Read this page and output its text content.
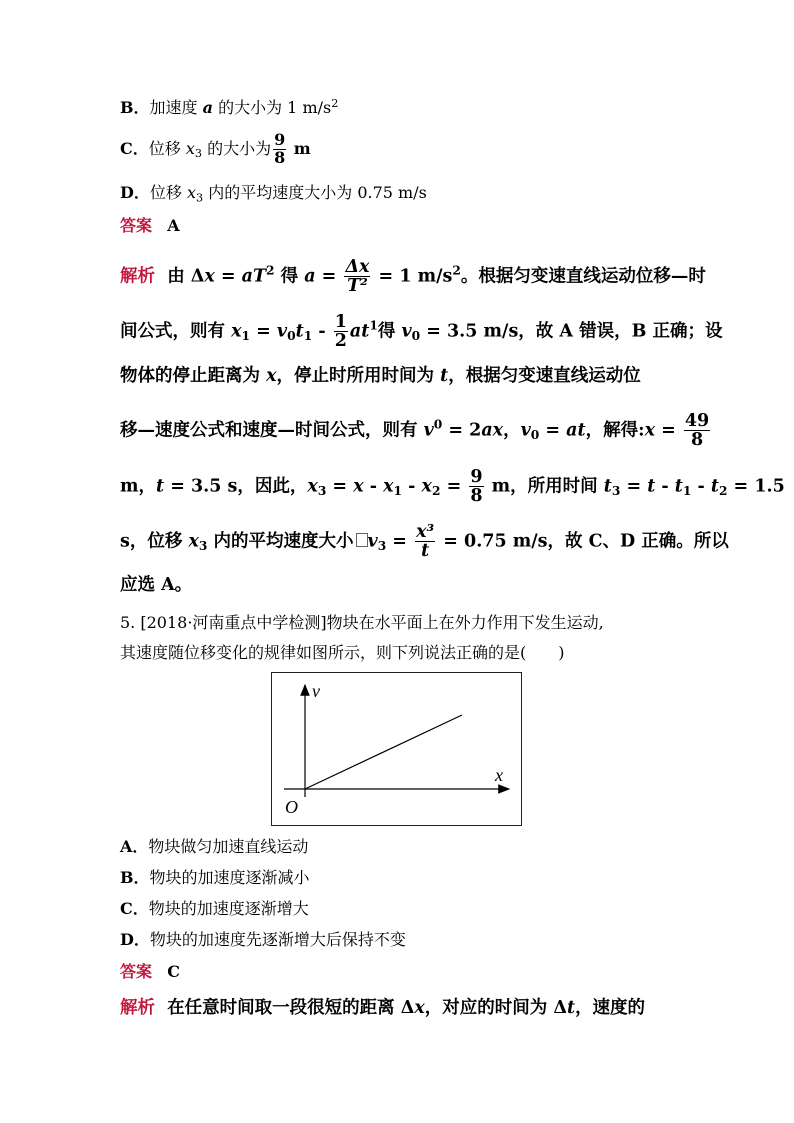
B．加速度 a 的大小为 1 $m/s^2$
C．位移 $x_3$ 的大小为 $\frac{9}{8}$ m
D．位移 $x_3$ 内的平均速度大小为 0.75 m/s
答案 A
解析 由 $\Delta x = aT^2$ 得 $a = \frac{\Delta x}{\text{T²}} = 1$ $m/s^2$。根据匀变速直线运动位移—时
间公式，则有 $x_1 = v_0t_1 - \frac{1}{2} at^1$得 $v_0 = 3.5$ m/s，故 A 错误，B 正确；设
物体的停止距离为 x，停止时所用时间为 t，根据匀变速直线运动位
移—速度公式和速度—时间公式，则有 $v^0 = 2ax$，$v_0$ = at，解得:x = $\frac{49}{8}$
m，t = 3.5 s，因此，$x_3 = x - x_1 - x_2 = \frac{9}{8}$ m，所用时间 $t_3 = t - t_1 - t_2 = 1.5$
s，位移 $x_3$ 内的平均速度大小 $v_3 = \frac{\text{x³}}{t} = 0.75$ m/s，故 C、D 正确。所以
应选 A。
5. [2018·河南重点中学检测]物块在水平面上在外力作用下发生运动,
其速度随位移变化的规律如图所示，则下列说法正确的是(　　)
v
x
O
A．物块做匀加速直线运动
B．物块的加速度逐渐减小
C．物块的加速度逐渐增大
D．物块的加速度先逐渐增大后保持不变
答案 C
解析 在任意时间取一段很短的距离 Δx，对应的时间为 Δt，速度的
